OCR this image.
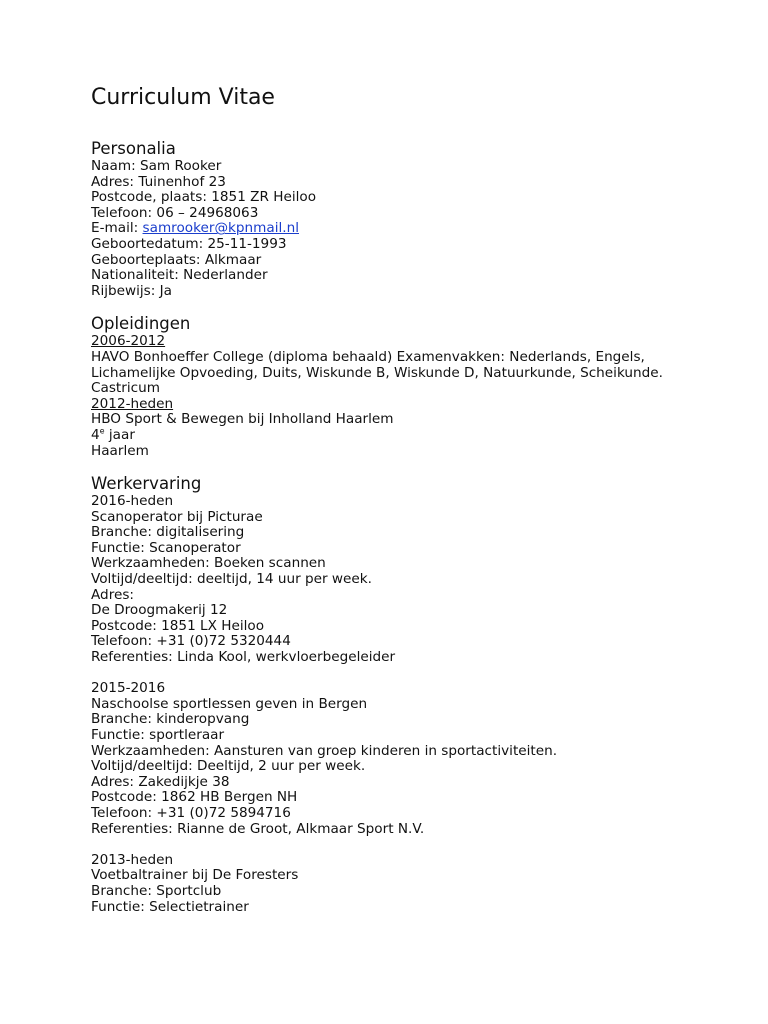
Curriculum Vitae
Personalia

Naam: Sam Rooker

Adres: Tuinenhof 23

Postcode, plaats: 1851 ZR Heiloo

Telefoon: 06 – 24968063

E-mail: samrooker@kpnmail.nl

Geboortedatum: 25-11-1993

Geboorteplaats: Alkmaar

Nationaliteit: Nederlander

Rijbewijs: Ja

Opleidingen

2006-2012

HAVO Bonhoeffer College (diploma behaald) Examenvakken: Nederlands, Engels, Lichamelijke Opvoeding, Duits, Wiskunde B, Wiskunde D, Natuurkunde, Scheikunde.

Castricum

2012-heden

HBO Sport & Bewegen bij Inholland Haarlem

4e jaar

Haarlem

Werkervaring

2016-heden

Scanoperator bij Picturae

Branche: digitalisering

Functie: Scanoperator

Werkzaamheden: Boeken scannen

Voltijd/deeltijd: deeltijd, 14 uur per week.

Adres:

De Droogmakerij 12

Postcode: 1851 LX Heiloo

Telefoon: +31 (0)72 5320444

Referenties: Linda Kool, werkvloerbegeleider

2015-2016

Naschoolse sportlessen geven in Bergen

Branche: kinderopvang

Functie: sportleraar

Werkzaamheden: Aansturen van groep kinderen in sportactiviteiten.

Voltijd/deeltijd: Deeltijd, 2 uur per week.

Adres: Zakedijkje 38

Postcode: 1862 HB Bergen NH

Telefoon: +31 (0)72 5894716

Referenties: Rianne de Groot, Alkmaar Sport N.V.

2013-heden

Voetbaltrainer bij De Foresters

Branche: Sportclub

Functie: Selectietrainer
